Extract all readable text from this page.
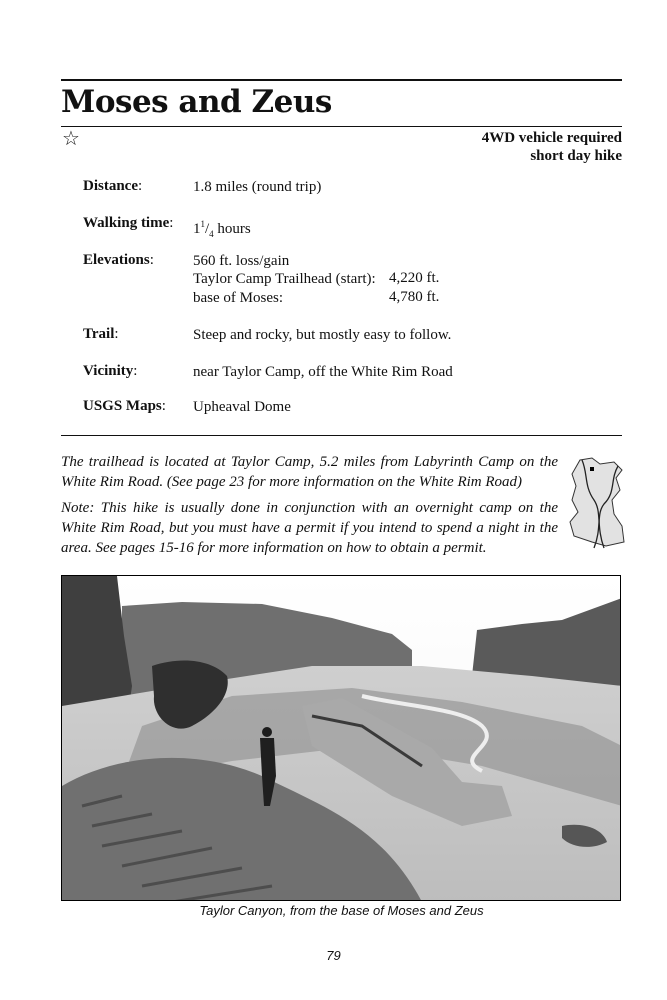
Moses and Zeus
☆	4WD vehicle required
short day hike
Distance:	1.8 miles (round trip)
Walking time: $1^1/_4$ hours
Elevations:	560 ft. loss/gain
Taylor Camp Trailhead (start): 4,220 ft.
base of Moses:	4,780 ft.
Trail:	Steep and rocky, but mostly easy to follow.
Vicinity:	near Taylor Camp, off the White Rim Road
USGS Maps: Upheaval Dome

The trailhead is located at Taylor Camp, 5.2 miles from Labyrinth Camp on the White Rim Road. (See page 23 for more information on the White Rim Road)

Note: This hike is usually done in conjunction with an overnight camp on the White Rim Road, but you must have a permit if you intend to spend a night in the area. See pages 15-16 for more information on how to obtain a permit.

Taylor Canyon, from the base of Moses and Zeus
79
